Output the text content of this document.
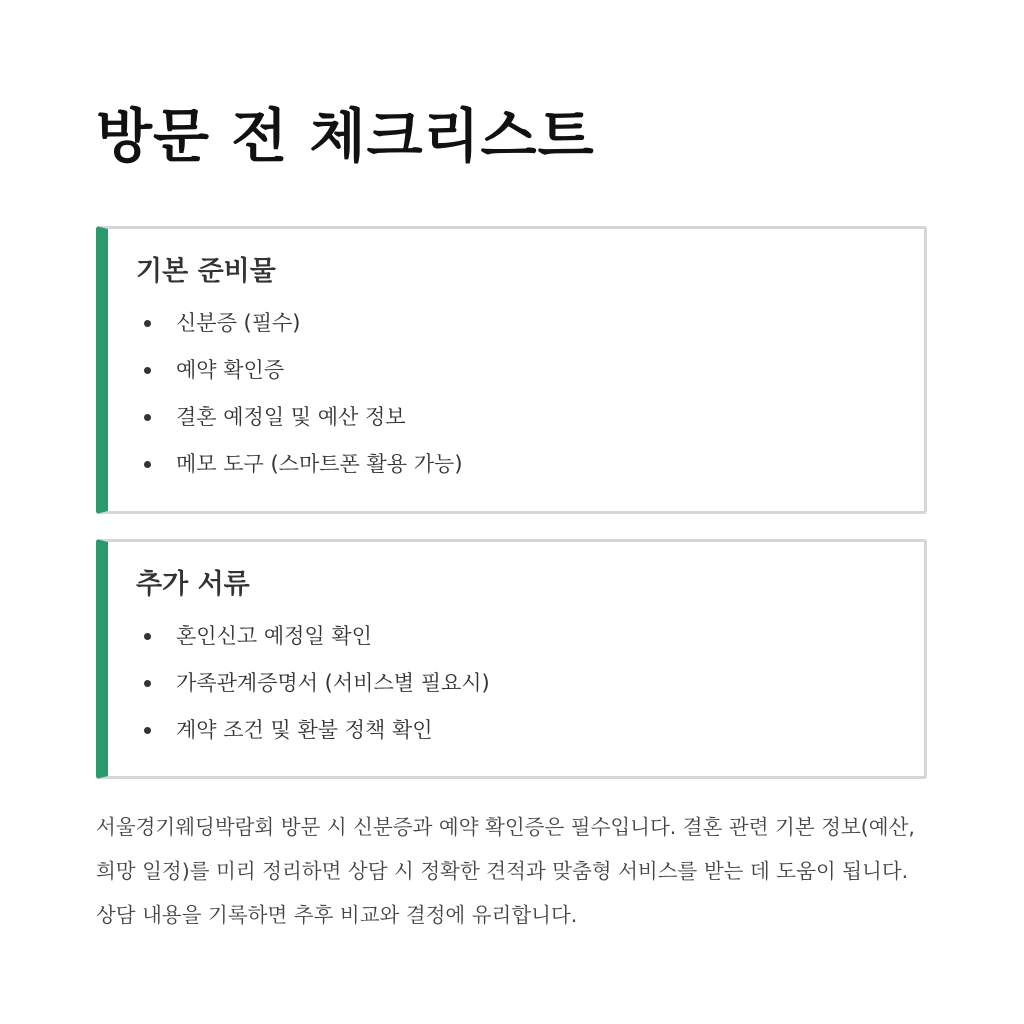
방문 전 체크리스트
기본 준비물
신분증 (필수)
예약 확인증
결혼 예정일 및 예산 정보
메모 도구 (스마트폰 활용 가능)
추가 서류
혼인신고 예정일 확인
가족관계증명서 (서비스별 필요시)
계약 조건 및 환불 정책 확인

서울경기웨딩박람회 방문 시 신분증과 예약 확인증은 필수입니다. 결혼 관련 기본 정보(예산, 희망 일정)를 미리 정리하면 상담 시 정확한 견적과 맞춤형 서비스를 받는 데 도움이 됩니다. 상담 내용을 기록하면 추후 비교와 결정에 유리합니다.
